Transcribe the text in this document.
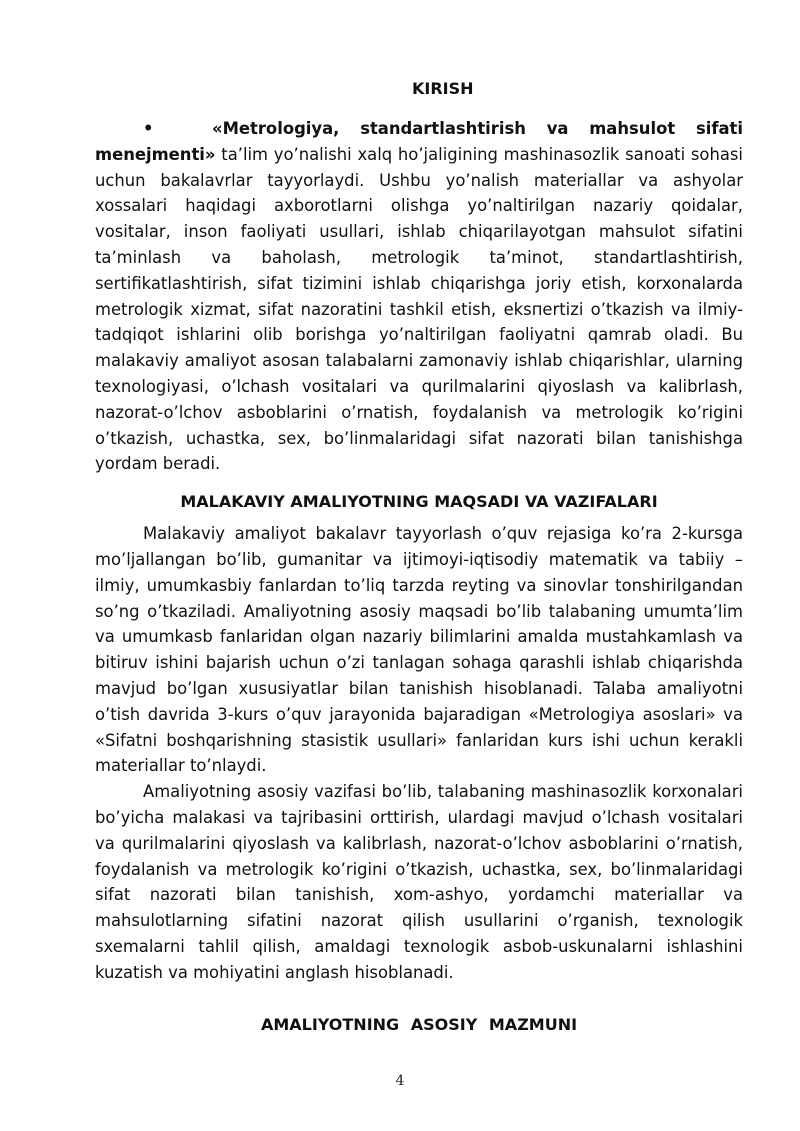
KIRISH

•	«Metrologiya, standartlashtirish va mahsulot sifati

menejmenti» ta’lim yo’nalishi xalq ho’jaligining mashinasozlik sanoati sohasi uchun bakalavrlar tayyorlaydi. Ushbu yo’nalish materiallar va ashyolar xossalari haqidagi axborotlarni olishga yo’naltirilgan nazariy qoidalar, vositalar, inson faoliyati usullari, ishlab chiqarilayotgan mahsulot sifatini ta’minlash va baholash, metrologik ta’minot, standartlashtirish, sertifikatlashtirish, sifat tizimini ishlab chiqarishga joriy etish, korxonalarda metrologik xizmat, sifat nazoratini tashkil etish, eksпertizi o’tkazish va ilmiy-tadqiqot ishlarini olib borishga yo’naltirilgan faoliyatni qamrab oladi. Bu malakaviy amaliyot asosan talabalarni zamonaviy ishlab chiqarishlar, ularning texnologiyasi, o’lchash vositalari va qurilmalarini qiyoslash va kalibrlash, nazorat-o’lchov asboblarini o’rnatish, foydalanish va metrologik ko’rigini o’tkazish, uchastka, sex, bo’linmalaridagi sifat nazorati bilan tanishishga yordam beradi.

MALAKAVIY AMALIYOTNING MAQSADI VA VAZIFALARI

Malakaviy amaliyot bakalavr tayyorlash o’quv rejasiga ko’ra 2-kursga mo’ljallangan bo’lib, gumanitar va ijtimoyi-iqtisodiy matematik va tabiiy – ilmiy, umumkasbiy fanlardan to’liq tarzda reyting va sinovlar tonshirilgandan so’ng o’tkaziladi. Amaliyotning asosiy maqsadi bo’lib talabaning umumta’lim va umumkasb fanlaridan olgan nazariy bilimlarini amalda mustahkamlash va bitiruv ishini bajarish uchun o’zi tanlagan sohaga qarashli ishlab chiqarishda mavjud bo’lgan xususiyatlar bilan tanishish hisoblanadi. Talaba amaliyotni o’tish davrida 3-kurs o’quv jarayonida bajaradigan «Metrologiya asoslari» va «Sifatni boshqarishning stasistik usullari» fanlaridan kurs ishi uchun kerakli materiallar to’nlaydi.

Amaliyotning asosiy vazifasi bo’lib, talabaning mashinasozlik korxonalari bo’yicha malakasi va tajribasini orttirish, ulardagi mavjud o’lchash vositalari va qurilmalarini qiyoslash va kalibrlash, nazorat-o’lchov asboblarini o’rnatish, foydalanish va metrologik ko’rigini o’tkazish, uchastka, sex, bo’linmalaridagi sifat nazorati bilan tanishish, xom-ashyo, yordamchi materiallar va mahsulotlarning sifatini nazorat qilish usullarini o’rganish, texnologik sxemalarni tahlil qilish, amaldagi texnologik asbob-uskunalarni ishlashini kuzatish va mohiyatini anglash hisoblanadi.

AMALIYOTNING ASOSIY MAZMUNI

4
